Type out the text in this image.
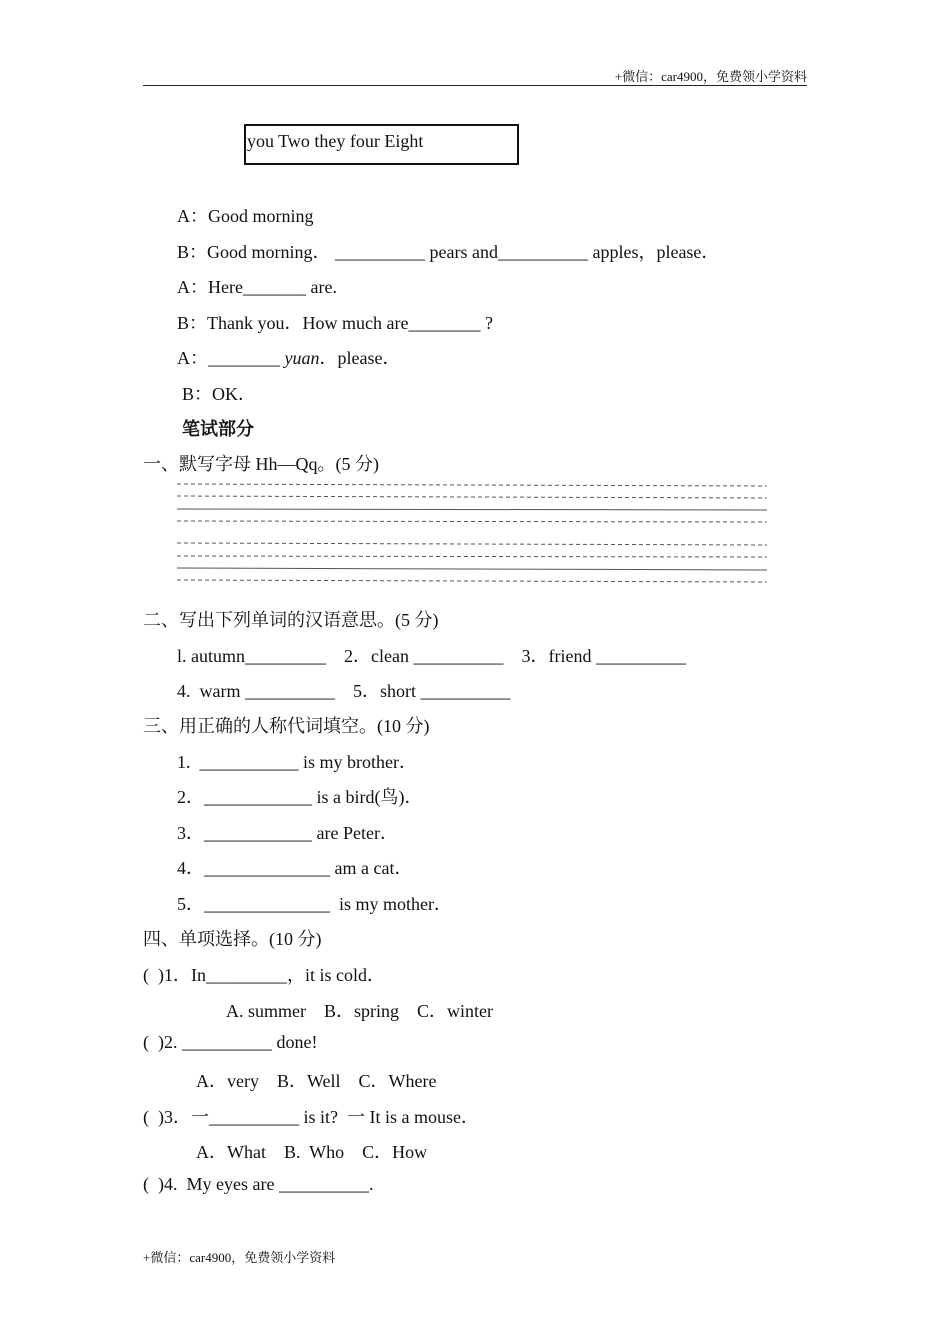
+微信：car4900，免费领小学资料
you Two they four Eight
A：Good morning
B：Good morning． __________ pears and__________ apples，please．
A：Here_______ are.
B：Thank you．How much are________ ?
A：________ yuan．please．
B：OK．
笔试部分
一、默写字母 Hh—Qq。(5 分)
二、写出下列单词的汉语意思。(5 分)
l. autumn_________    2．clean __________    3．friend __________
4.  warm __________    5．short __________
三、用正确的人称代词填空。(10 分)
1.  ___________ is my brother．
2．____________ is a bird(鸟)．
3．____________ are Peter．
4．______________ am a cat．
5．______________  is my mother．
四、单项选择。(10 分)
(  )1．In_________，it is cold．
A. summer    B．spring    C．winter
(  )2. __________ done!
A．very    B．Well    C．Where
(  )3．一__________ is it?  一 It is a mouse．
A．What    B.  Who    C．How
(  )4.  My eyes are __________.
+微信：car4900，免费领小学资料
